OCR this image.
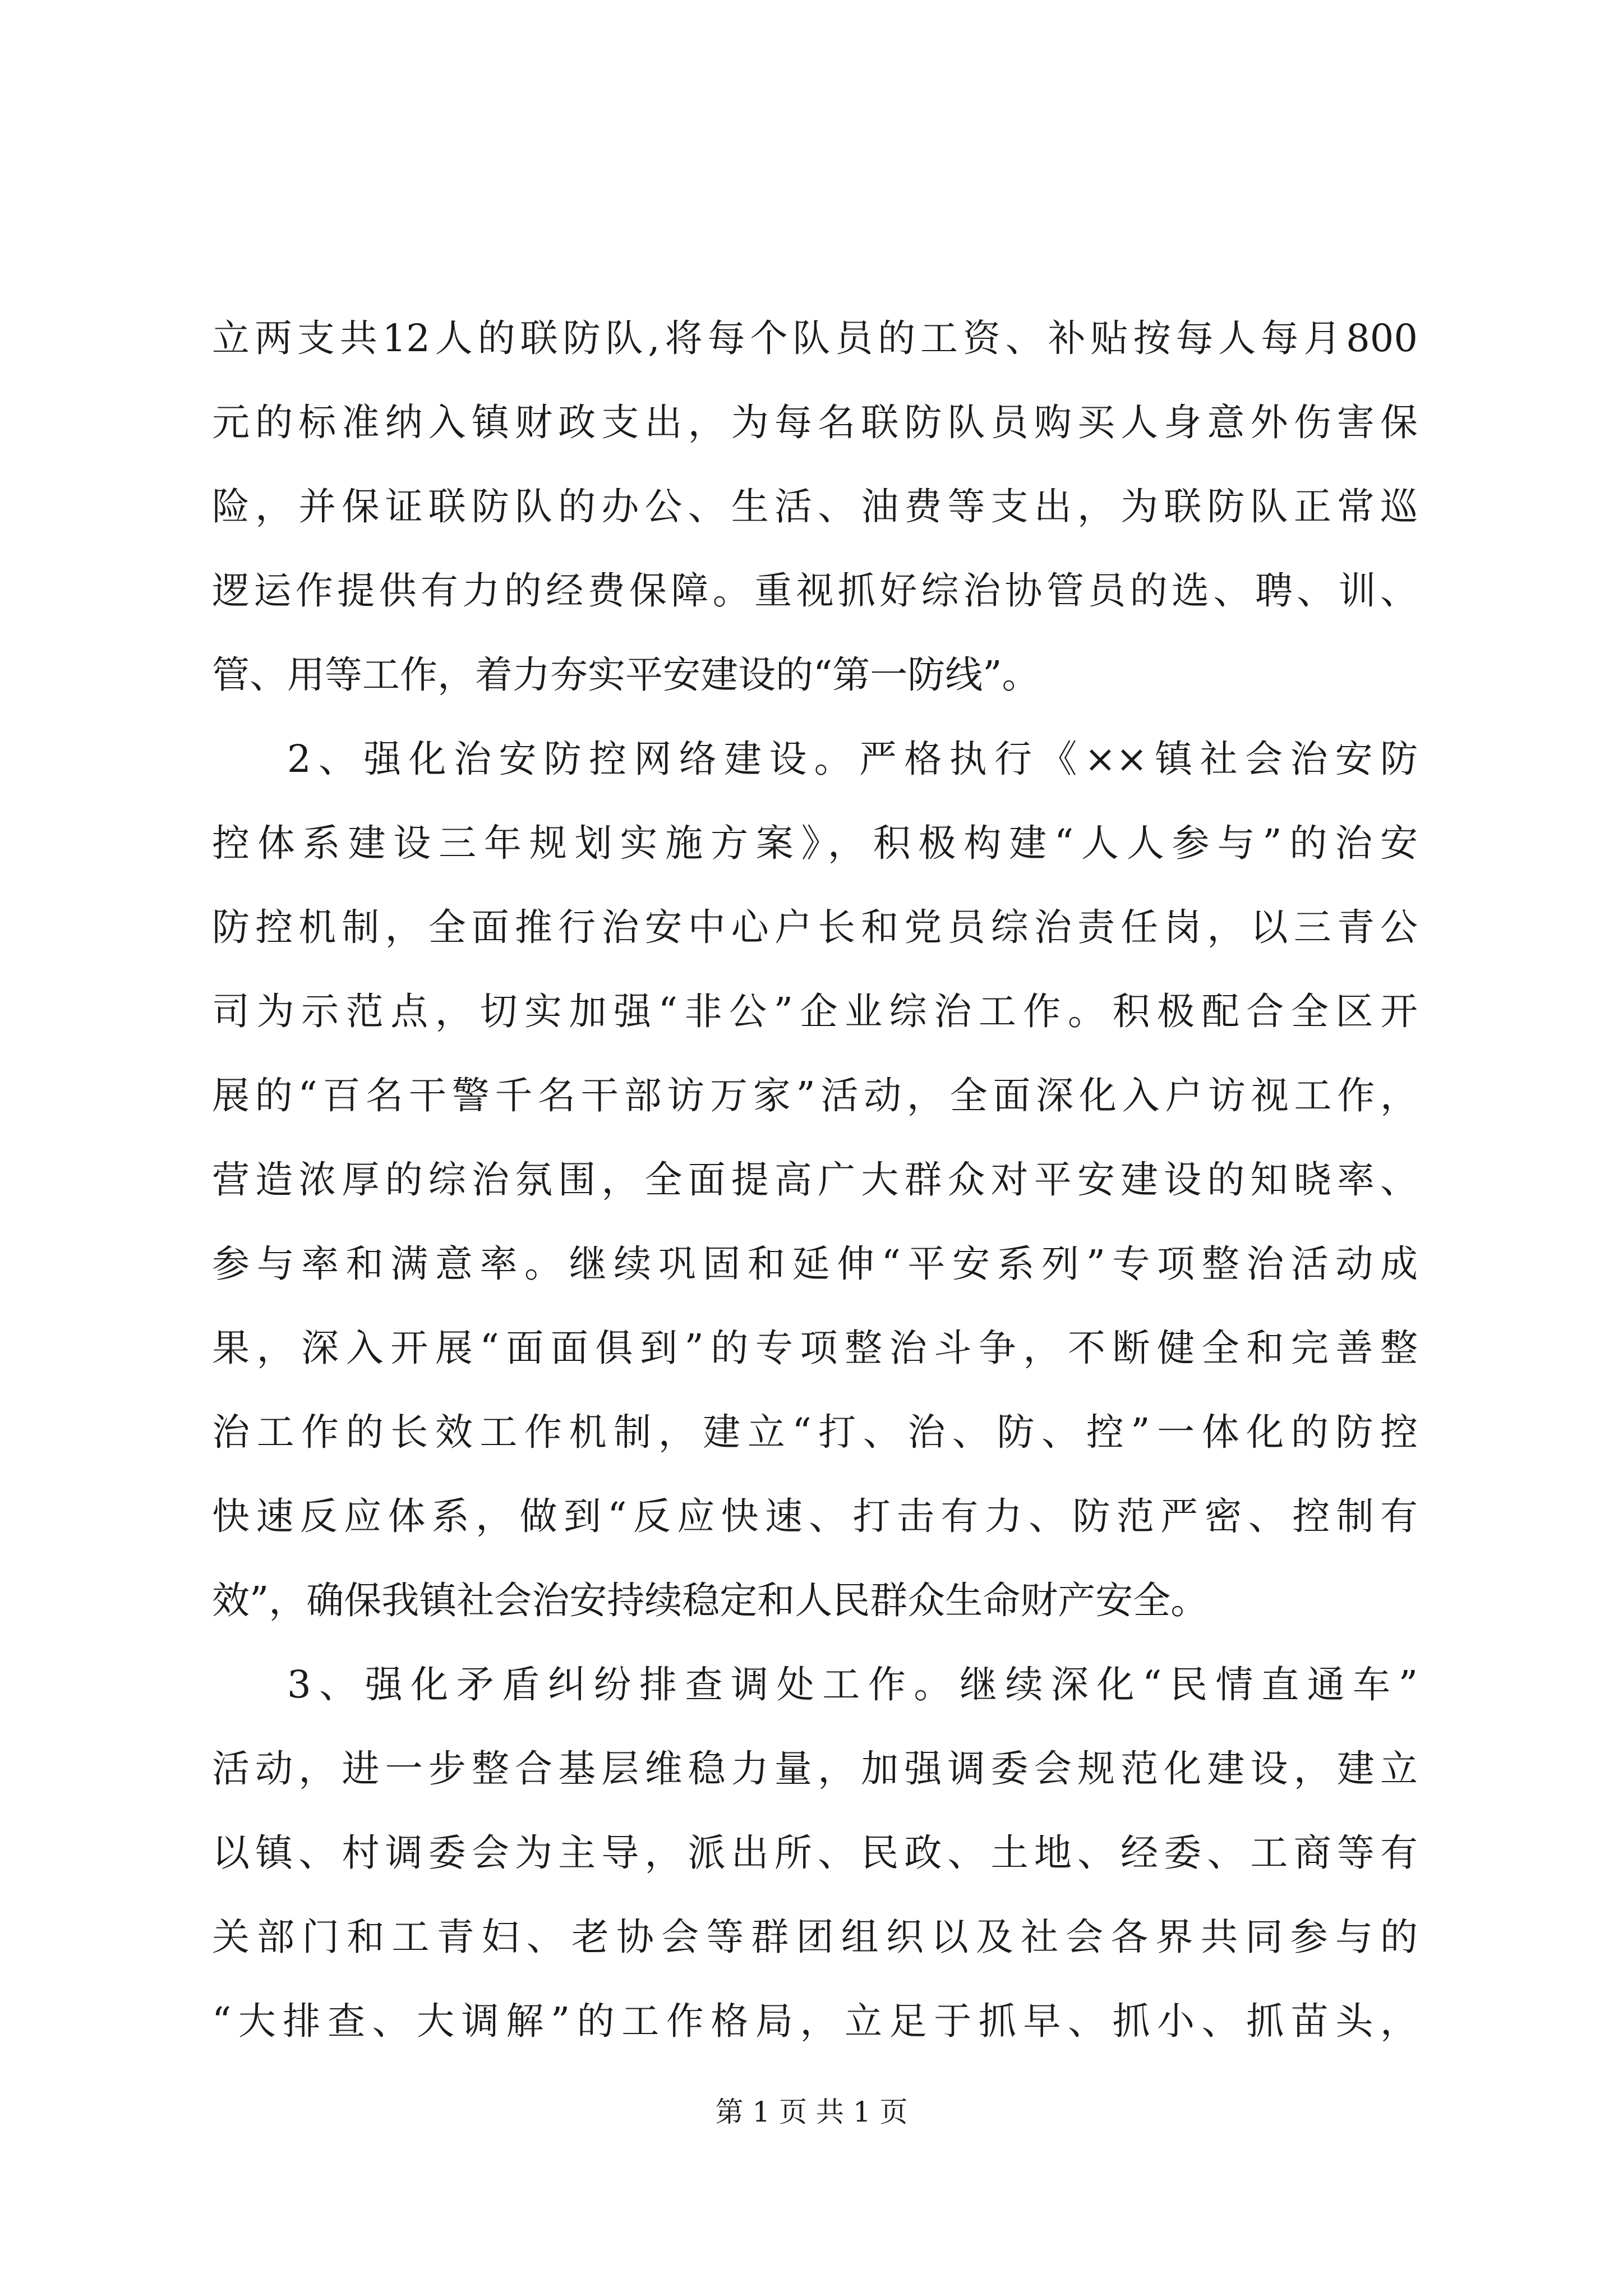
立两支共12人的联防队,将每个队员的工资、补贴按每人每月800
元的标准纳入镇财政支出，为每名联防队员购买人身意外伤害保
险，并保证联防队的办公、生活、油费等支出，为联防队正常巡
逻运作提供有力的经费保障。重视抓好综治协管员的选、聘、训、
管、用等工作，着力夯实平安建设的“第一防线”。
2、强化治安防控网络建设。严格执行《××镇社会治安防
控体系建设三年规划实施方案》，积极构建“人人参与”的治安
防控机制，全面推行治安中心户长和党员综治责任岗，以三青公
司为示范点，切实加强“非公”企业综治工作。积极配合全区开
展的“百名干警千名干部访万家”活动，全面深化入户访视工作，
营造浓厚的综治氛围，全面提高广大群众对平安建设的知晓率、
参与率和满意率。继续巩固和延伸“平安系列”专项整治活动成
果，深入开展“面面俱到”的专项整治斗争，不断健全和完善整
治工作的长效工作机制，建立“打、治、防、控”一体化的防控
快速反应体系，做到“反应快速、打击有力、防范严密、控制有
效”，确保我镇社会治安持续稳定和人民群众生命财产安全。
3、强化矛盾纠纷排查调处工作。继续深化“民情直通车”
活动，进一步整合基层维稳力量，加强调委会规范化建设，建立
以镇、村调委会为主导，派出所、民政、土地、经委、工商等有
关部门和工青妇、老协会等群团组织以及社会各界共同参与的
“大排查、大调解”的工作格局，立足于抓早、抓小、抓苗头，
第 1 页 共 1 页
